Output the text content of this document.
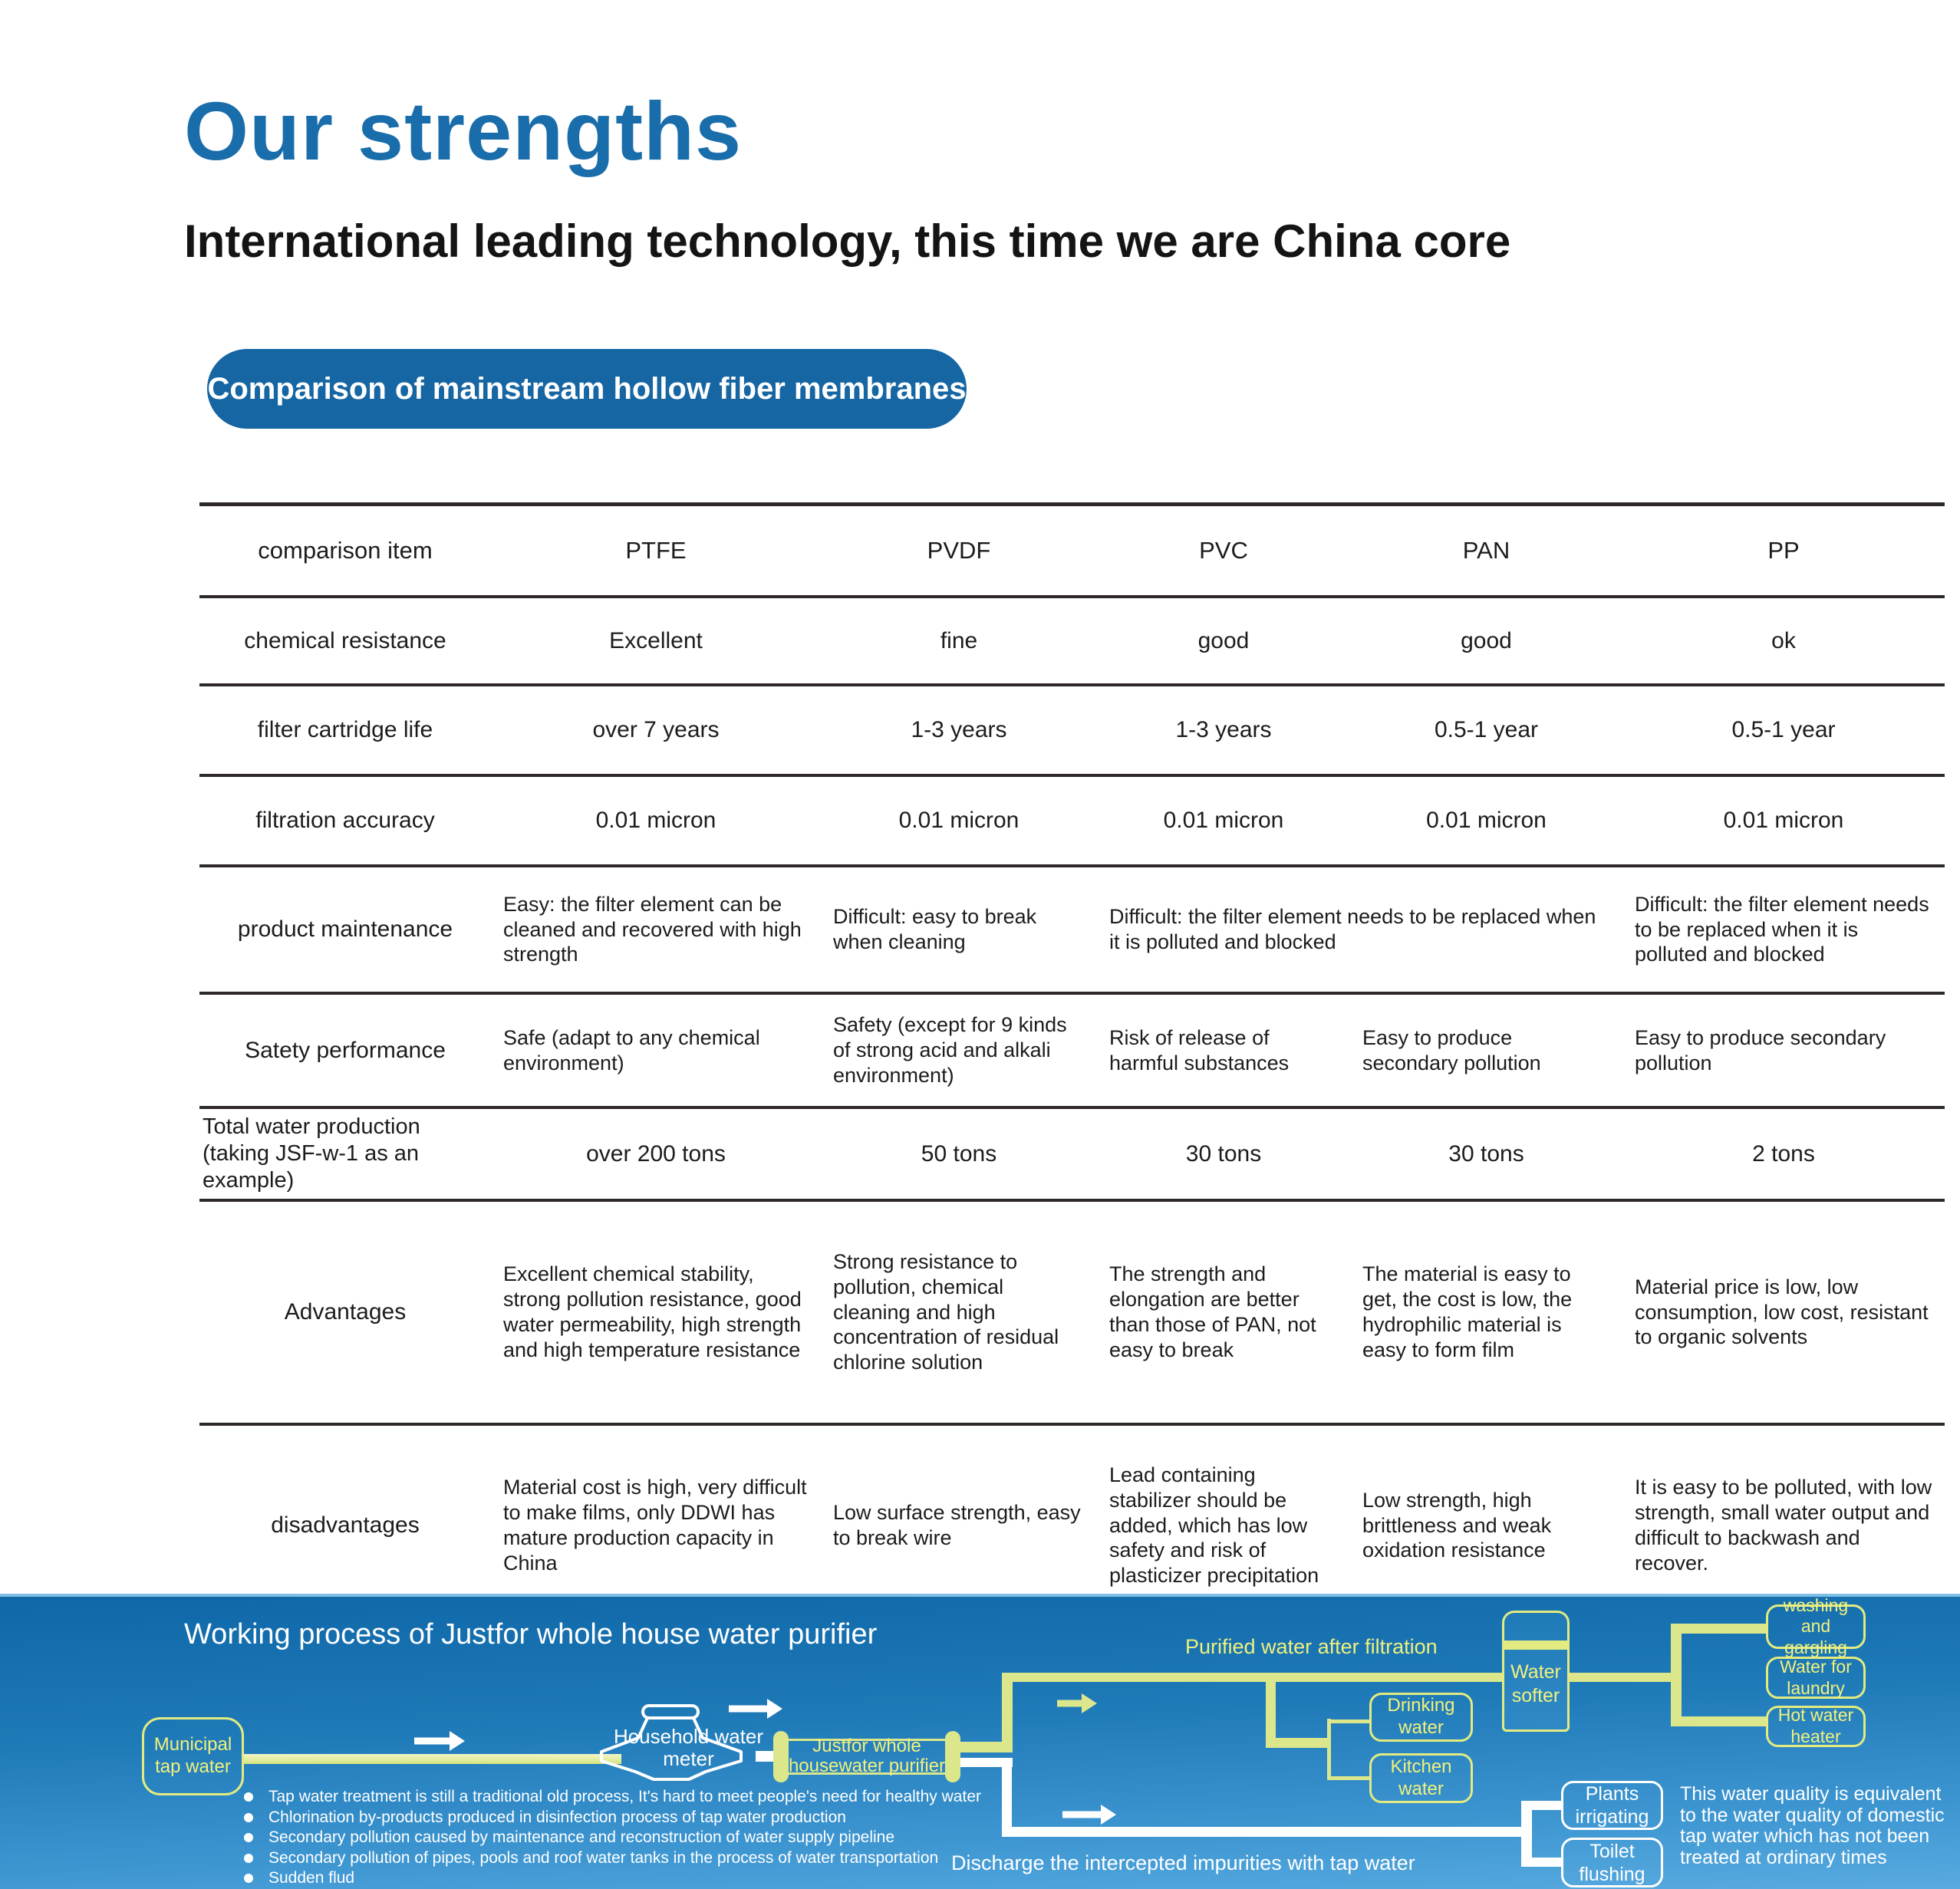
Our strengths
International leading technology, this time we are China core
Comparison of mainstream hollow fiber membranes
comparison item	PTFE	PVDF	PVC	PAN	PP
chemical resistance	Excellent	fine	good	good	ok
filter cartridge life	over 7 years	1-3 years	1-3 years	0.5-1 year	0.5-1 year
filtration accuracy	0.01 micron	0.01 micron	0.01 micron	0.01 micron	0.01 micron
product maintenance	Easy: the filter element can be cleaned and recovered with high strength	Difficult: easy to break when cleaning	Difficult: the filter element needs to be replaced when it is polluted and blocked		Difficult: the filter element needs to be replaced when it is polluted and blocked
Satety performance	Safe (adapt to any chemical environment)	Safety (except for 9 kinds of strong acid and alkali environment)	Risk of release of harmful substances	Easy to produce secondary pollution	Easy to produce secondary pollution
Total water production (taking JSF-w-1 as an example)	over 200 tons	50 tons	30 tons	30 tons	2 tons
Advantages	Excellent chemical stability, strong pollution resistance, good water permeability, high strength and high temperature resistance	Strong resistance to pollution, chemical cleaning and high concentration of residual chlorine solution	The strength and elongation are better than those of PAN, not easy to break	The material is easy to get, the cost is low, the hydrophilic material is easy to form film	Material price is low, low consumption, low cost, resistant to organic solvents
disadvantages	Material cost is high, very difficult to make films, only DDWI has mature production capacity in China	Low surface strength, easy to break wire	Lead containing stabilizer should be added, which has low safety and risk of plasticizer precipitation	Low strength, high brittleness and weak oxidation resistance	It is easy to be polluted, with low strength, small water output and difficult to backwash and recover.
Working process of Justfor whole house water purifier
Municipal tap water
Household water meter
Justfor whole
housewater purifier
Purified water after filtration
Drinking water
Kitchen water
Water softer
washing and gargling
Water for laundry
Hot water heater
Plants irrigating
Toilet flushing
Discharge the intercepted impurities with tap water
This water quality is equivalent to the water quality of domestic tap water which has not been treated at ordinary times
Tap water treatment is still a traditional old process, It's hard to meet people's need for healthy water
Chlorination by-products produced in disinfection process of tap water production
Secondary pollution caused by maintenance and reconstruction of water supply pipeline
Secondary pollution of pipes, pools and roof water tanks in the process of water transportation
Sudden flud
